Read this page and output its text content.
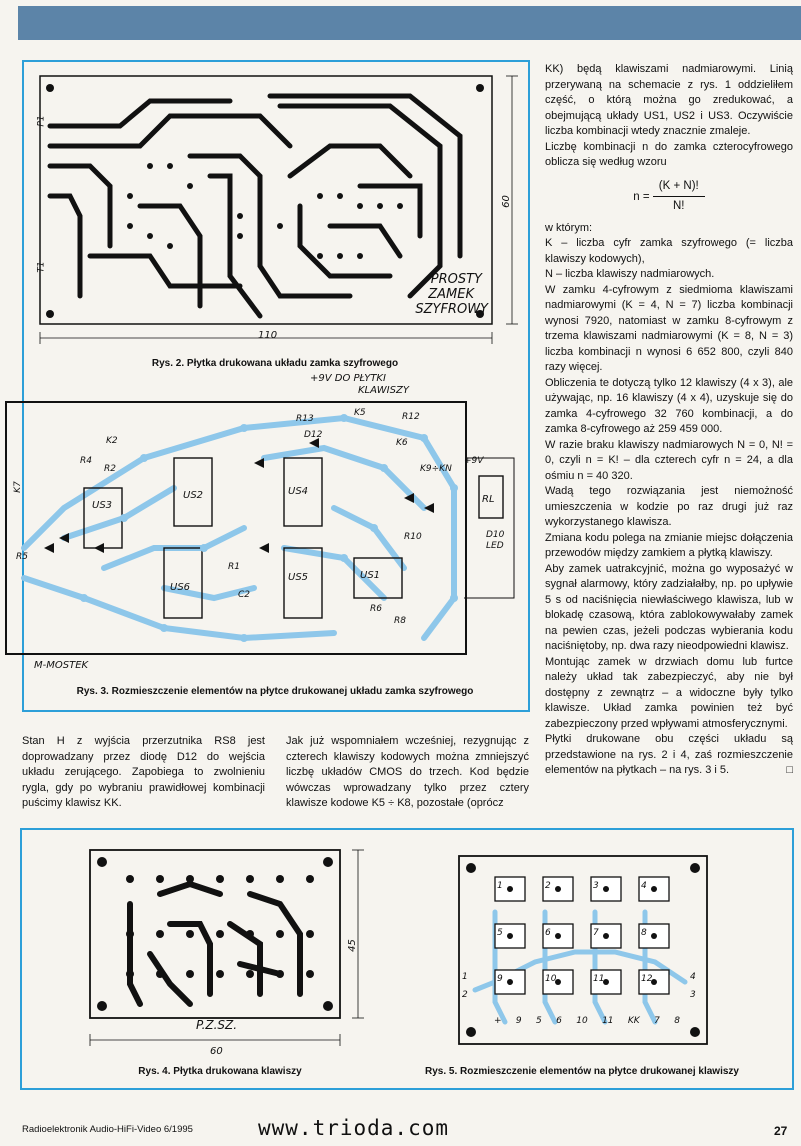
PROSTY
ZAMEK
SZYFROWY
110
60
T1
P1
Rys. 2. Płytka drukowana układu zamka szyfrowego
+9V DO PŁYTKI
KLAWISZY
US2	US4
US3
US6
US5	US1
R13	R12
K5
K6
D12
K2
R4
R2
R5
K7
R1
C2
R6
R8
R10
K9÷KN
+9V
RL
D10
LED
M-MOSTEK
Rys. 3. Rozmieszczenie elementów na płytce drukowanej układu zamka szyfrowego

KK) będą klawiszami nadmiarowymi. Linią przerywaną na schemacie z rys. 1 oddzieliłem część, o którą można go zredukować, a obejmującą układy US1, US2 i US3. Oczywiście liczba kombinacji wtedy znacznie zmaleje.

Liczbę kombinacji n do zamka czterocyfrowego oblicza się według wzoru

$n = \frac{(K + N)!}{N!}$

w którym:

K – liczba cyfr zamka szyfrowego (= liczba klawiszy kodowych),

N – liczba klawiszy nadmiarowych.

W zamku 4-cyfrowym z siedmioma klawiszami nadmiarowymi (K = 4, N = 7) liczba kombinacji wynosi 7920, natomiast w zamku 8-cyfrowym z trzema klawiszami nadmiarowymi (K = 8, N = 3) liczba kombinacji n wynosi 6 652 800, czyli 840 razy więcej.

Obliczenia te dotyczą tylko 12 klawiszy (4 x 3), ale używając, np. 16 klawiszy (4 x 4), uzyskuje się do zamka 4-cyfrowego 32 760 kombinacji, a do zamka 8-cyfrowego aż 259 459 000.

W razie braku klawiszy nadmiarowych N = 0, N! = 0, czyli n = K! – dla czterech cyfr n = 24, a dla ośmiu n = 40 320.

Wadą tego rozwiązania jest niemożność umieszczenia w kodzie po raz drugi już raz wykorzystanego klawisza.

Zmiana kodu polega na zmianie miejsc dołączenia przewodów między zamkiem a płytką klawiszy.

Aby zamek uatrakcyjnić, można go wyposażyć w sygnał alarmowy, który zadziałałby, np. po upływie 5 s od naciśnięcia niewłaściwego klawisza, lub w blokadę czasową, która zablokowywałaby zamek na pewien czas, jeżeli podczas wybierania kodu naciśniętoby, np. dwa razy nieodpowiedni klawisz.

Montując zamek w drzwiach domu lub furtce należy układ tak zabezpieczyć, aby nie był dostępny z zewnątrz – a widoczne były tylko klawisze. Układ zamka powinien też być zabezpieczony przed wpływami atmosferycznymi.

Płytki drukowane obu części układu są przedstawione na rys. 2 i 4, zaś rozmieszczenie elementów na płytkach – na rys. 3 i 5.	□

Stan H z wyjścia przerzutnika RS8 jest doprowadzany przez diodę D12 do wejścia układu zerującego. Zapobiega to zwolnieniu rygla, gdy po wybraniu prawidłowej kombinacji puścimy klawisz KK.
Jak już wspomniałem wcześniej, rezygnując z czterech klawiszy kodowych można zmniejszyć liczbę układów CMOS do trzech. Kod będzie wówczas wprowadzany tylko przez cztery klawisze kodowe K5 ÷ K8, pozostałe (oprócz
P.Z.SZ.
60
45
Rys. 4. Płytka drukowana klawiszy
1	2	3	4
5	6	7	8
9	10	11	12
1
2
4
3
+ 9 5 6 10 11 KK 7 8
Rys. 5. Rozmieszczenie elementów na płytce drukowanej klawiszy
Radioelektronik Audio-HiFi-Video 6/1995	www.trioda.com	27
